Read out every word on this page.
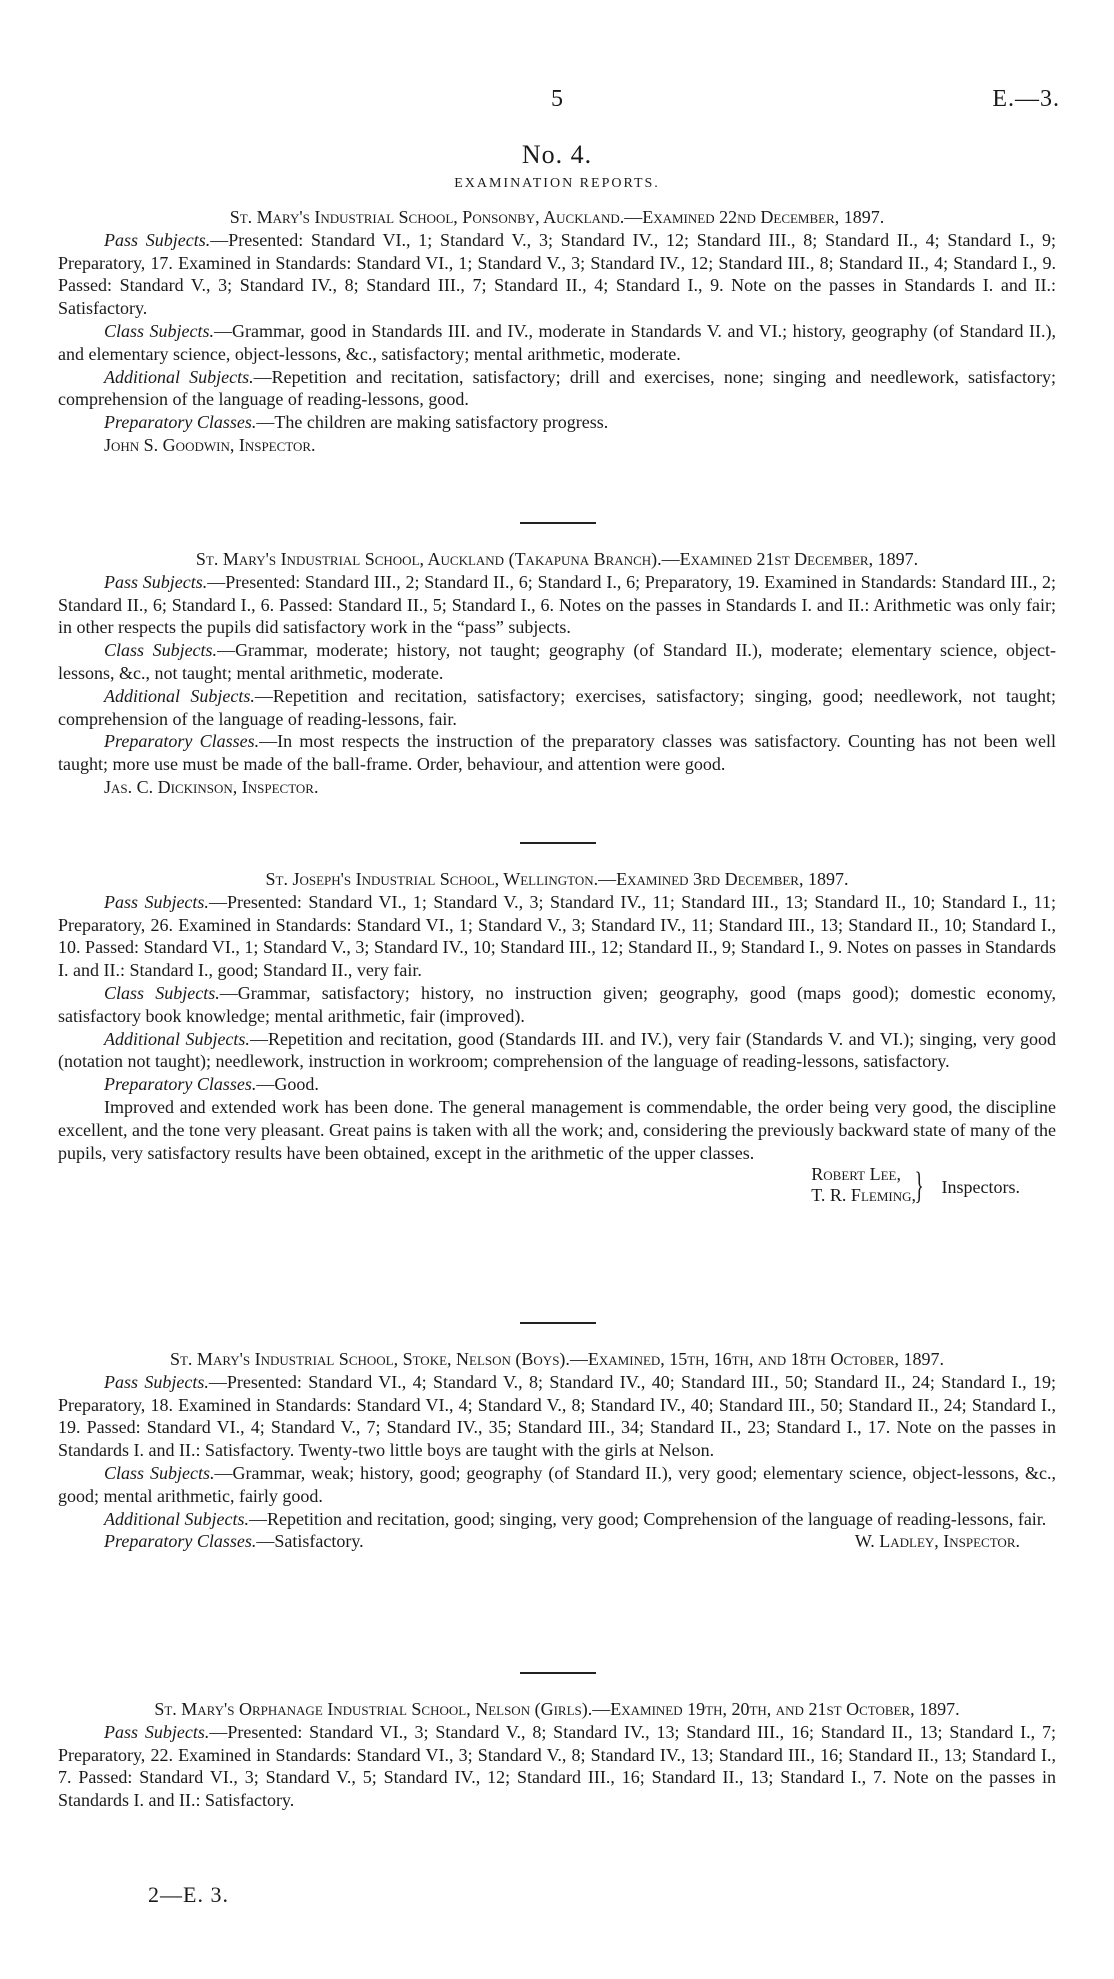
5	E.—3.
No. 4.
EXAMINATION REPORTS.

St. Mary's Industrial School, Ponsonby, Auckland.—Examined 22nd December, 1897.

Pass Subjects.—Presented: Standard VI., 1; Standard V., 3; Standard IV., 12; Standard III., 8; Standard II., 4; Standard I., 9; Preparatory, 17. Examined in Standards: Standard VI., 1; Standard V., 3; Standard IV., 12; Standard III., 8; Standard II., 4; Standard I., 9. Passed: Standard V., 3; Standard IV., 8; Standard III., 7; Standard II., 4; Standard I., 9. Note on the passes in Standards I. and II.: Satisfactory.

Class Subjects.—Grammar, good in Standards III. and IV., moderate in Standards V. and VI.; history, geography (of Standard II.), and elementary science, object-lessons, &c., satisfactory; mental arithmetic, moderate.

Additional Subjects.—Repetition and recitation, satisfactory; drill and exercises, none; singing and needlework, satisfactory; comprehension of the language of reading-lessons, good.

Preparatory Classes.—The children are making satisfactory progress.

John S. Goodwin, Inspector.

St. Mary's Industrial School, Auckland (Takapuna Branch).—Examined 21st December, 1897.

Pass Subjects.—Presented: Standard III., 2; Standard II., 6; Standard I., 6; Preparatory, 19. Examined in Standards: Standard III., 2; Standard II., 6; Standard I., 6. Passed: Standard II., 5; Standard I., 6. Notes on the passes in Standards I. and II.: Arithmetic was only fair; in other respects the pupils did satisfactory work in the “pass” subjects.

Class Subjects.—Grammar, moderate; history, not taught; geography (of Standard II.), moderate; elementary science, object-lessons, &c., not taught; mental arithmetic, moderate.

Additional Subjects.—Repetition and recitation, satisfactory; exercises, satisfactory; singing, good; needlework, not taught; comprehension of the language of reading-lessons, fair.

Preparatory Classes.—In most respects the instruction of the preparatory classes was satisfactory. Counting has not been well taught; more use must be made of the ball-frame. Order, behaviour, and attention were good.

Jas. C. Dickinson, Inspector.

St. Joseph's Industrial School, Wellington.—Examined 3rd December, 1897.

Pass Subjects.—Presented: Standard VI., 1; Standard V., 3; Standard IV., 11; Standard III., 13; Standard II., 10; Standard I., 11; Preparatory, 26. Examined in Standards: Standard VI., 1; Standard V., 3; Standard IV., 11; Standard III., 13; Standard II., 10; Standard I., 10. Passed: Standard VI., 1; Standard V., 3; Standard IV., 10; Standard III., 12; Standard II., 9; Standard I., 9. Notes on passes in Standards I. and II.: Standard I., good; Standard II., very fair.

Class Subjects.—Grammar, satisfactory; history, no instruction given; geography, good (maps good); domestic economy, satisfactory book knowledge; mental arithmetic, fair (improved).

Additional Subjects.—Repetition and recitation, good (Standards III. and IV.), very fair (Standards V. and VI.); singing, very good (notation not taught); needlework, instruction in workroom; comprehension of the language of reading-lessons, satisfactory.

Preparatory Classes.—Good.

Improved and extended work has been done. The general management is commendable, the order being very good, the discipline excellent, and the tone very pleasant. Great pains is taken with all the work; and, considering the previously backward state of many of the pupils, very satisfactory results have been obtained, except in the arithmetic of the upper classes.

Robert Lee,
T. R. Fleming,
} Inspectors.

St. Mary's Industrial School, Stoke, Nelson (Boys).—Examined, 15th, 16th, and 18th October, 1897.

Pass Subjects.—Presented: Standard VI., 4; Standard V., 8; Standard IV., 40; Standard III., 50; Standard II., 24; Standard I., 19; Preparatory, 18. Examined in Standards: Standard VI., 4; Standard V., 8; Standard IV., 40; Standard III., 50; Standard II., 24; Standard I., 19. Passed: Standard VI., 4; Standard V., 7; Standard IV., 35; Standard III., 34; Standard II., 23; Standard I., 17. Note on the passes in Standards I. and II.: Satisfactory. Twenty-two little boys are taught with the girls at Nelson.

Class Subjects.—Grammar, weak; history, good; geography (of Standard II.), very good; elementary science, object-lessons, &c., good; mental arithmetic, fairly good.

Additional Subjects.—Repetition and recitation, good; singing, very good; Comprehension of the language of reading-lessons, fair.

Preparatory Classes.—Satisfactory.	W. Ladley, Inspector.

St. Mary's Orphanage Industrial School, Nelson (Girls).—Examined 19th, 20th, and 21st October, 1897.

Pass Subjects.—Presented: Standard VI., 3; Standard V., 8; Standard IV., 13; Standard III., 16; Standard II., 13; Standard I., 7; Preparatory, 22. Examined in Standards: Standard VI., 3; Standard V., 8; Standard IV., 13; Standard III., 16; Standard II., 13; Standard I., 7. Passed: Standard VI., 3; Standard V., 5; Standard IV., 12; Standard III., 16; Standard II., 13; Standard I., 7. Note on the passes in Standards I. and II.: Satisfactory.

2—E. 3.
